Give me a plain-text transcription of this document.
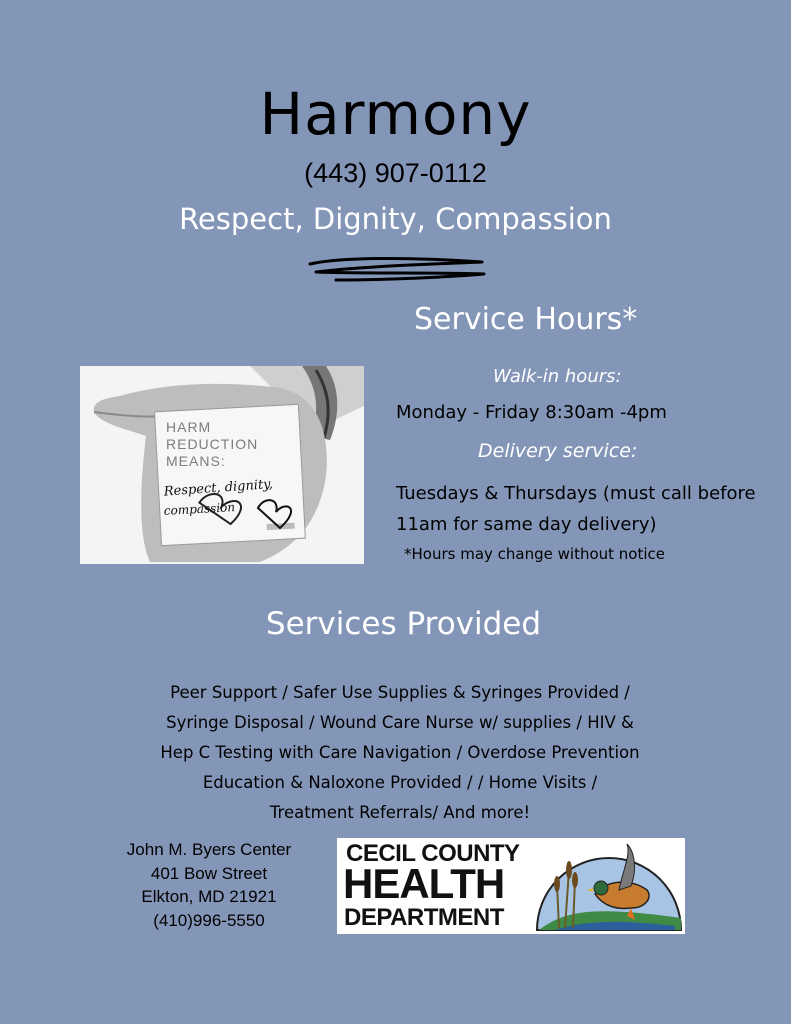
Harmony
(443) 907-0112
Respect, Dignity, Compassion
Service Hours*
HARM
REDUCTION
MEANS:
Respect, dignity,
compassion
Walk-in hours:
Monday - Friday 8:30am -4pm
Delivery service:
Tuesdays & Thursdays (must call before 11am for same day delivery)
*Hours may change without notice
Services Provided
Peer Support / Safer Use Supplies & Syringes Provided /
Syringe Disposal / Wound Care Nurse w/ supplies / HIV &
Hep C Testing with Care Navigation / Overdose Prevention
Education & Naloxone Provided / / Home Visits /
Treatment Referrals/ And more!
John M. Byers Center
401 Bow Street
Elkton, MD 21921
(410)996-5550
CECIL COUNTY
HEALTH
DEPARTMENT
